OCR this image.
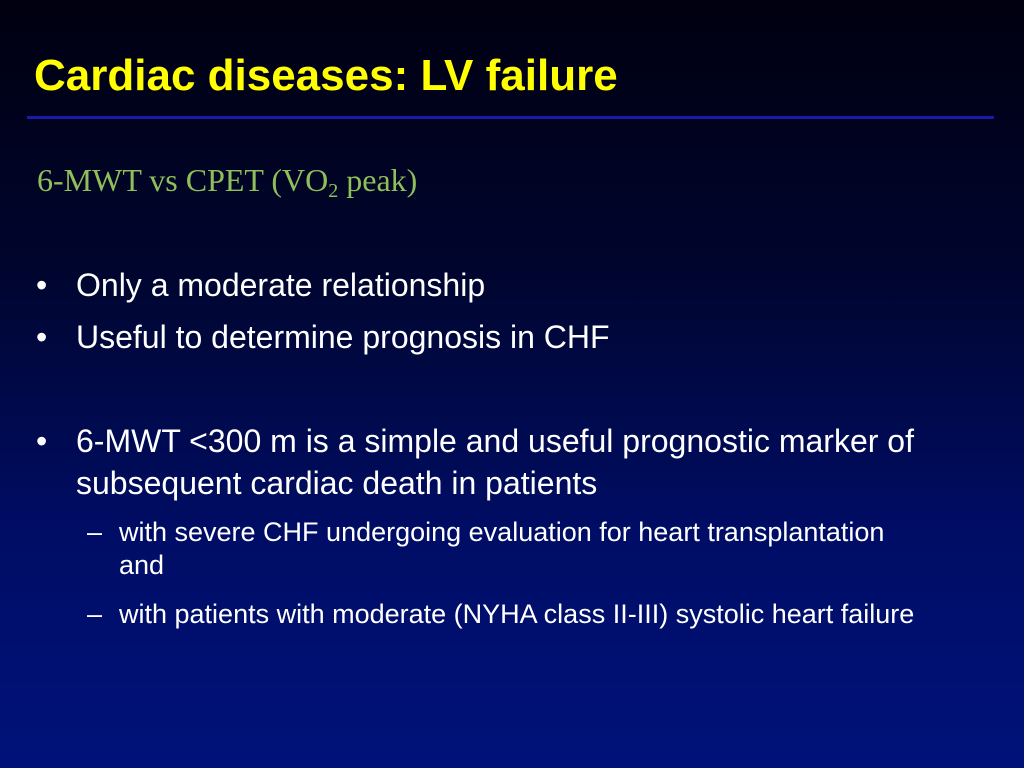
Cardiac diseases: LV failure
6-MWT vs CPET ($VO_2$ peak)
• Only a moderate relationship
• Useful to determine prognosis in CHF
• 6-MWT <300 m is a simple and useful prognostic marker of subsequent cardiac death in patients
– with severe CHF undergoing evaluation for heart transplantation and
– with patients with moderate (NYHA class II-III) systolic heart failure
